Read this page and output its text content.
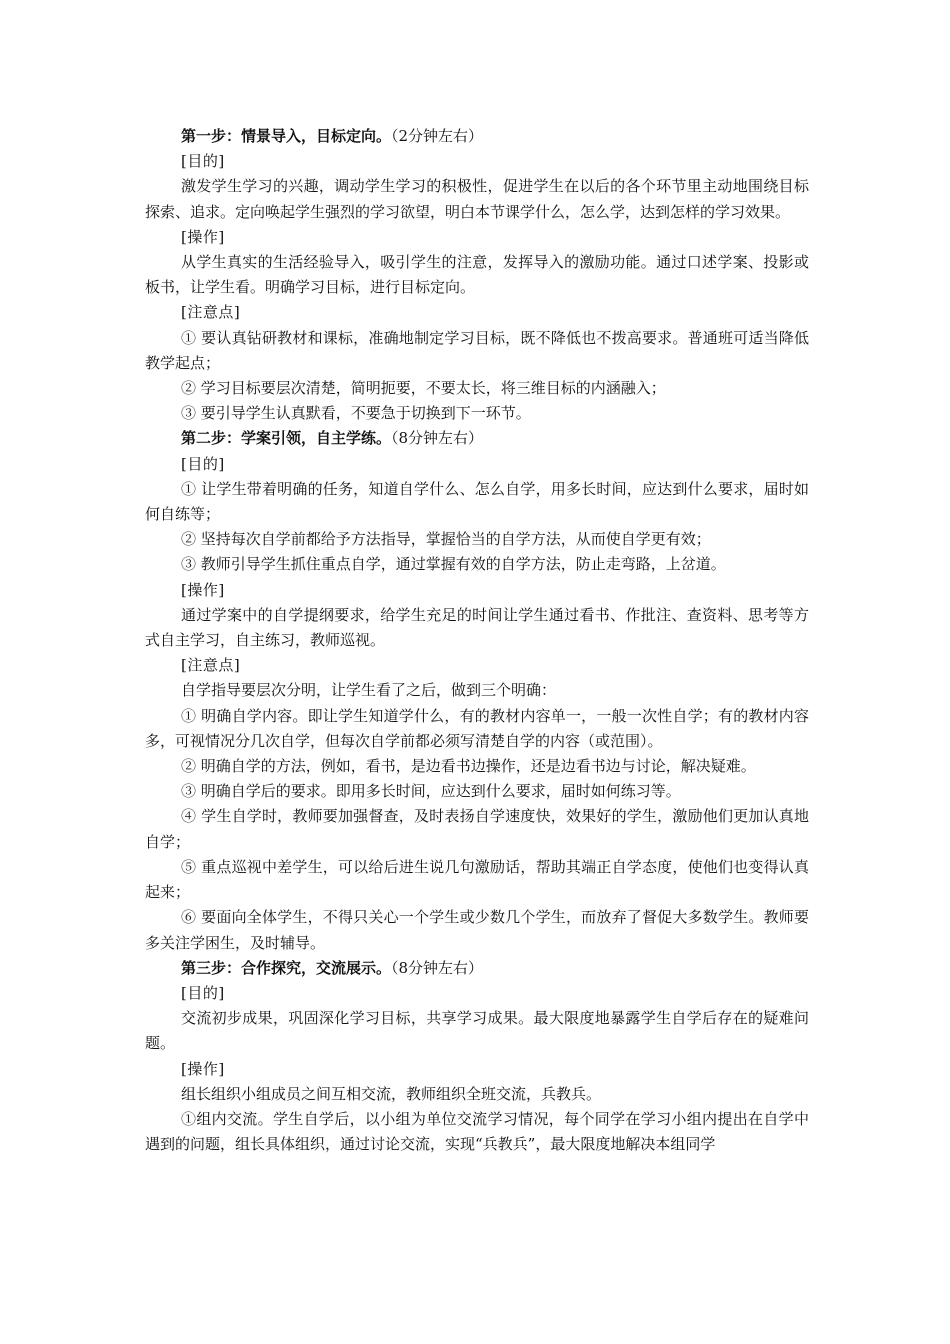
第一步：情景导入，目标定向。（2分钟左右）

[目的]

激发学生学习的兴趣，调动学生学习的积极性，促进学生在以后的各个环节里主动地围绕目标探索、追求。定向唤起学生强烈的学习欲望，明白本节课学什么，怎么学，达到怎样的学习效果。

[操作]

从学生真实的生活经验导入，吸引学生的注意，发挥导入的激励功能。通过口述学案、投影或板书，让学生看。明确学习目标，进行目标定向。

[注意点]

① 要认真钻研教材和课标，准确地制定学习目标，既不降低也不拨高要求。普通班可适当降低教学起点；

② 学习目标要层次清楚，简明扼要，不要太长，将三维目标的内涵融入；

③ 要引导学生认真默看，不要急于切换到下一环节。

第二步：学案引领，自主学练。（8分钟左右）

[目的]

① 让学生带着明确的任务，知道自学什么、怎么自学，用多长时间，应达到什么要求，届时如何自练等；

② 坚持每次自学前都给予方法指导，掌握恰当的自学方法，从而使自学更有效；

③ 教师引导学生抓住重点自学，通过掌握有效的自学方法，防止走弯路，上岔道。

[操作]

通过学案中的自学提纲要求，给学生充足的时间让学生通过看书、作批注、查资料、思考等方式自主学习，自主练习，教师巡视。

[注意点]

自学指导要层次分明，让学生看了之后，做到三个明确：

① 明确自学内容。即让学生知道学什么，有的教材内容单一，一般一次性自学；有的教材内容多，可视情况分几次自学，但每次自学前都必须写清楚自学的内容（或范围）。

② 明确自学的方法，例如，看书，是边看书边操作，还是边看书边与讨论，解决疑难。

③ 明确自学后的要求。即用多长时间，应达到什么要求，届时如何练习等。

④ 学生自学时，教师要加强督查，及时表扬自学速度快，效果好的学生，激励他们更加认真地自学；

⑤ 重点巡视中差学生，可以给后进生说几句激励话，帮助其端正自学态度，使他们也变得认真起来；

⑥ 要面向全体学生，不得只关心一个学生或少数几个学生，而放弃了督促大多数学生。教师要多关注学困生，及时辅导。

第三步：合作探究，交流展示。（8分钟左右）

[目的]

交流初步成果，巩固深化学习目标，共享学习成果。最大限度地暴露学生自学后存在的疑难问题。

[操作]

组长组织小组成员之间互相交流，教师组织全班交流，兵教兵。

①组内交流。学生自学后，以小组为单位交流学习情况，每个同学在学习小组内提出在自学中遇到的问题，组长具体组织，通过讨论交流，实现“兵教兵”，最大限度地解决本组同学
